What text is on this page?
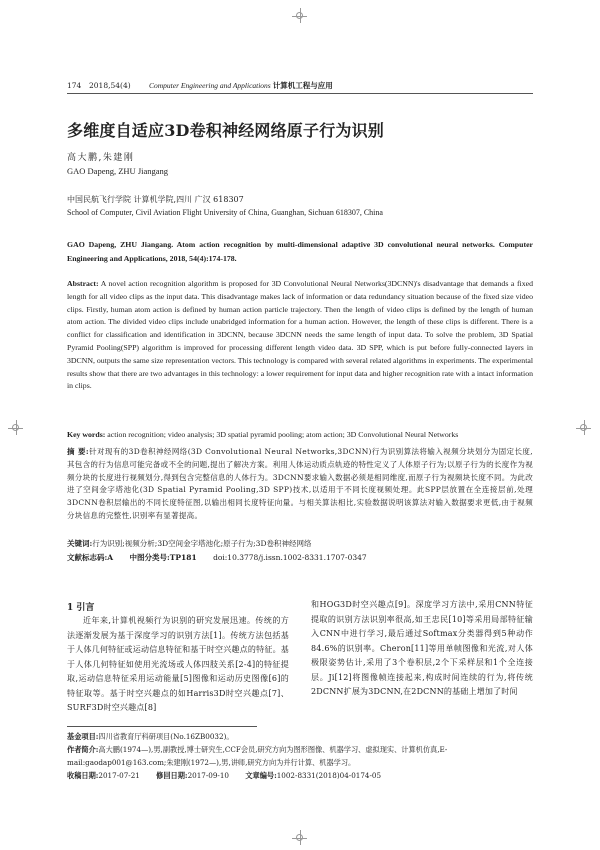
174	2018,54(4)	Computer Engineering and Applications 计算机工程与应用
多维度自适应3D卷积神经网络原子行为识别
高大鹏,朱建刚
GAO Dapeng, ZHU Jiangang
中国民航飞行学院 计算机学院,四川 广汉 618307
School of Computer, Civil Aviation Flight University of China, Guanghan, Sichuan 618307, China
GAO Dapeng, ZHU Jiangang. Atom action recognition by multi-dimensional adaptive 3D convolutional neural networks. Computer Engineering and Applications, 2018, 54(4):174-178.
Abstract: A novel action recognition algorithm is proposed for 3D Convolutional Neural Networks(3DCNN)'s disadvantage that demands a fixed length for all video clips as the input data. This disadvantage makes lack of information or data redundancy situation because of the fixed size video clips. Firstly, human atom action is defined by human action particle trajectory. Then the length of video clips is defined by the length of human atom action. The divided video clips include unabridged information for a human action. However, the length of these clips is different. There is a conflict for classification and identification in 3DCNN, because 3DCNN needs the same length of input data. To solve the problem, 3D Spatial Pyramid Pooling(SPP) algorithm is improved for processing different length video data. 3D SPP, which is put before fully-connected layers in 3DCNN, outputs the same size representation vectors. This technology is compared with several related algorithms in experiments. The experimental results show that there are two advantages in this technology: a lower requirement for input data and higher recognition rate with a intact information in clips.
Key words: action recognition; video analysis; 3D spatial pyramid pooling; atom action; 3D Convolutional Neural Networks
摘 要:针对现有的3D卷积神经网络(3D Convolutional Neural Networks,3DCNN)行为识别算法将输入视频分块划分为固定长度,其包含的行为信息可能完备或不全的问题,提出了解决方案。利用人体运动质点轨迹的特性定义了人体原子行为;以原子行为的长度作为视频分块的长度进行视频划分,得到包含完整信息的人体行为。3DCNN要求输入数据必须是相同维度,而原子行为视频块长度不同。为此改进了空间金字塔池化(3D Spatial Pyramid Pooling,3D SPP)技术,以适用于不同长度视频处理。此SPP层放置在全连接层前,处理3DCNN卷积层输出的不同长度特征图,以输出相同长度特征向量。与相关算法相比,实验数据说明该算法对输入数据要求更低,由于视频分块信息的完整性,识别率有显著提高。
关键词:行为识别;视频分析;3D空间金字塔池化;原子行为;3D卷积神经网络
文献标志码:A 中图分类号:TP181 doi:10.3778/j.issn.1002-8331.1707-0347
1 引言
近年来,计算机视频行为识别的研究发展迅速。传统的方法逐渐发展为基于深度学习的识别方法[1]。传统方法包括基于人体几何特征或运动信息特征和基于时空兴趣点的特征。基于人体几何特征如使用光流场或人体四肢关系[2-4]的特征提取,运动信息特征采用运动能量[5]图像和运动历史图像[6]的特征取等。基于时空兴趣点的如Harris3D时空兴趣点[7]、SURF3D时空兴趣点[8]
和HOG3D时空兴趣点[9]。深度学习方法中,采用CNN特征提取的识别方法识别率很高,如王忠民[10]等采用局部特征输入CNN中进行学习,最后通过Softmax分类器得到5种动作84.6%的识别率。Cheron[11]等用单帧图像和光流,对人体极限姿势估计,采用了3个卷积层,2个下采样层和1个全连接层。Ji[12]将图像帧连接起来,构成时间连续的行为,将传统2DCNN扩展为3DCNN,在2DCNN的基础上增加了时间
基金项目:四川省教育厅科研项目(No.16ZB0032)。
作者简介:高大鹏(1974—),男,副教授,博士研究生,CCF会员,研究方向为图形图像、机器学习、虚拟现实、计算机仿真,E-mail:gaodap001@163.com;朱建刚(1972—),男,讲师,研究方向为并行计算、机器学习。
收稿日期:2017-07-21 修回日期:2017-09-10 文章编号:1002-8331(2018)04-0174-05
